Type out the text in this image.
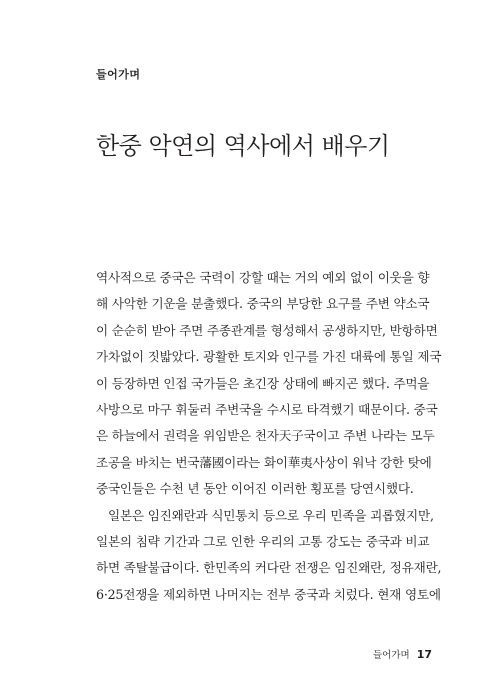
들어가며
한중 악연의 역사에서 배우기
역사적으로 중국은 국력이 강할 때는 거의 예외 없이 이웃을 향
해 사악한 기운을 분출했다. 중국의 부당한 요구를 주변 약소국
이 순순히 받아 주면 주종관계를 형성해서 공생하지만, 반항하면
가차없이 짓밟았다. 광활한 토지와 인구를 가진 대륙에 통일 제국
이 등장하면 인접 국가들은 초긴장 상태에 빠지곤 했다. 주먹을
사방으로 마구 휘둘러 주변국을 수시로 타격했기 때문이다. 중국
은 하늘에서 권력을 위임받은 천자天子국이고 주변 나라는 모두
조공을 바치는 번국藩國이라는 화이華夷사상이 워낙 강한 탓에
중국인들은 수천 년 동안 이어진 이러한 횡포를 당연시했다.
일본은 임진왜란과 식민통치 등으로 우리 민족을 괴롭혔지만,
일본의 침략 기간과 그로 인한 우리의 고통 강도는 중국과 비교
하면 족탈불급이다. 한민족의 커다란 전쟁은 임진왜란, 정유재란,
6·25전쟁을 제외하면 나머지는 전부 중국과 치렀다. 현재 영토에
들어가며 17
